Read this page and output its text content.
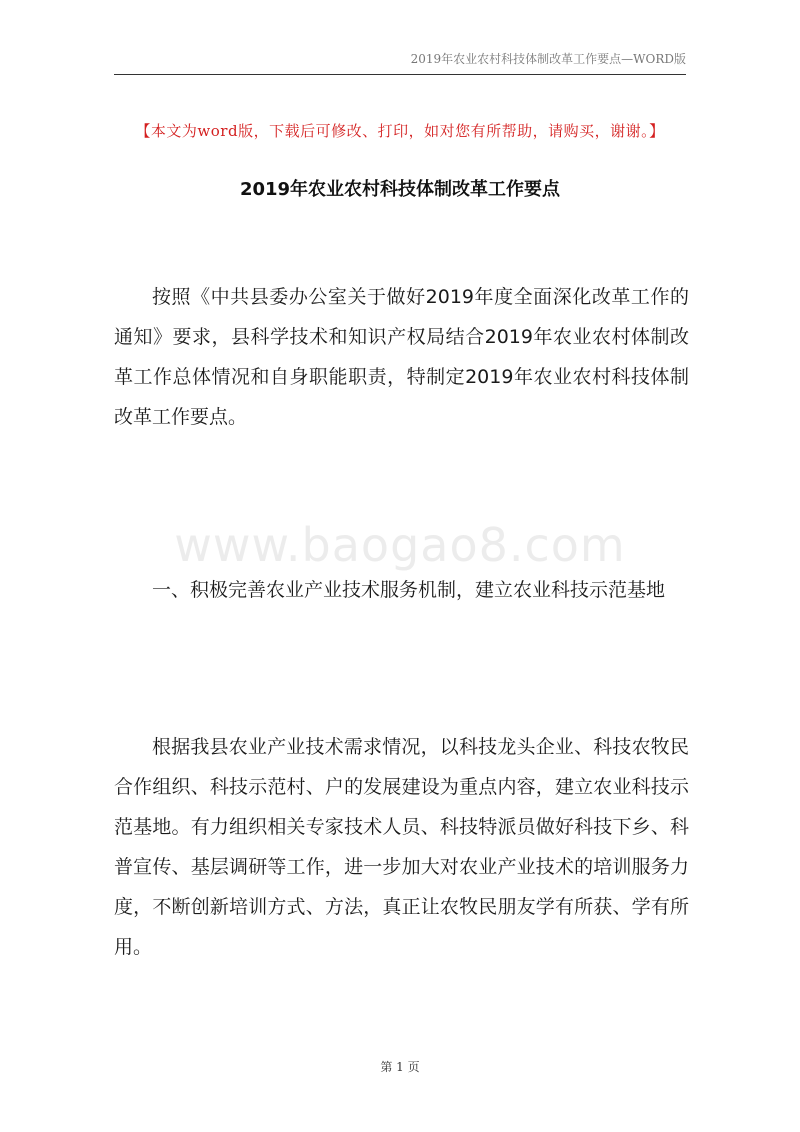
2019年农业农村科技体制改革工作要点—WORD版
【本文为word版，下载后可修改、打印，如对您有所帮助，请购买，谢谢。】
2019年农业农村科技体制改革工作要点

按照《中共县委办公室关于做好2019年度全面深化改革工作的通知》要求，县科学技术和知识产权局结合2019年农业农村体制改革工作总体情况和自身职能职责，特制定2019年农业农村科技体制改革工作要点。

www.baogao8.com

一、积极完善农业产业技术服务机制，建立农业科技示范基地

根据我县农业产业技术需求情况，以科技龙头企业、科技农牧民合作组织、科技示范村、户的发展建设为重点内容，建立农业科技示范基地。有力组织相关专家技术人员、科技特派员做好科技下乡、科普宣传、基层调研等工作，进一步加大对农业产业技术的培训服务力度，不断创新培训方式、方法，真正让农牧民朋友学有所获、学有所用。

第 1 页
